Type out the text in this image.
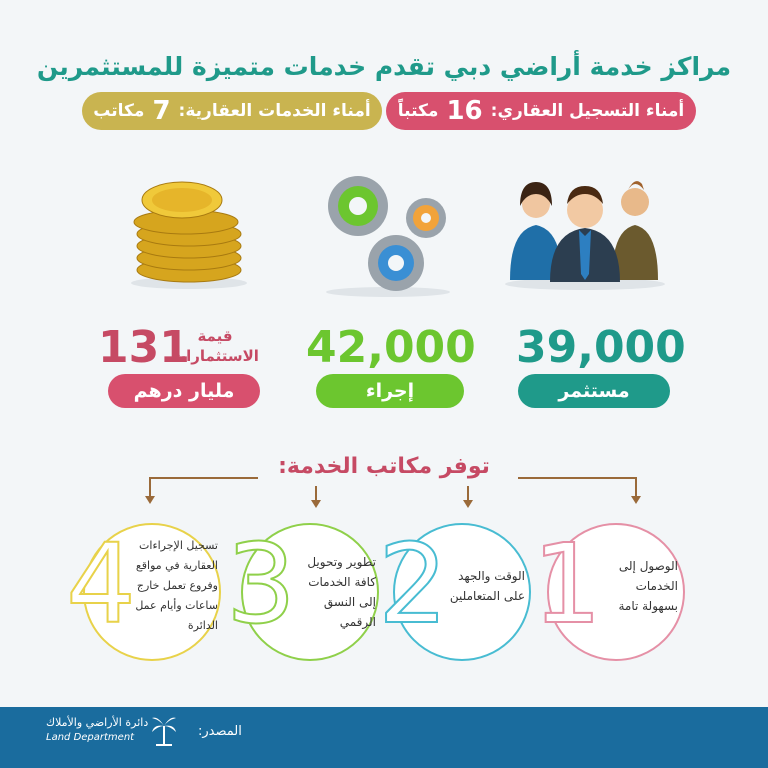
مراكز خدمة أراضي دبي تقدم خدمات متميزة للمستثمرين
أمناء التسجيل العقاري:
16
مكتباً
أمناء الخدمات العقارية:
7
مكاتب
39,000
مستثمر
42,000
إجراء
131 قيمة الاستثمارات
مليار درهم
توفر مكاتب الخدمة:
1	الوصول إلى الخدمات بسهولة تامة
2 الوقت والجهد على المتعاملين
3 تطوير وتحويل كافة الخدمات إلى النسق الرقمي
4 تسجيل الإجراءات العقارية في مواقع وفروع تعمل خارج ساعات وأيام عمل الدائرة
المصدر:
دائرة الأراضي والأملاك
Land Department
